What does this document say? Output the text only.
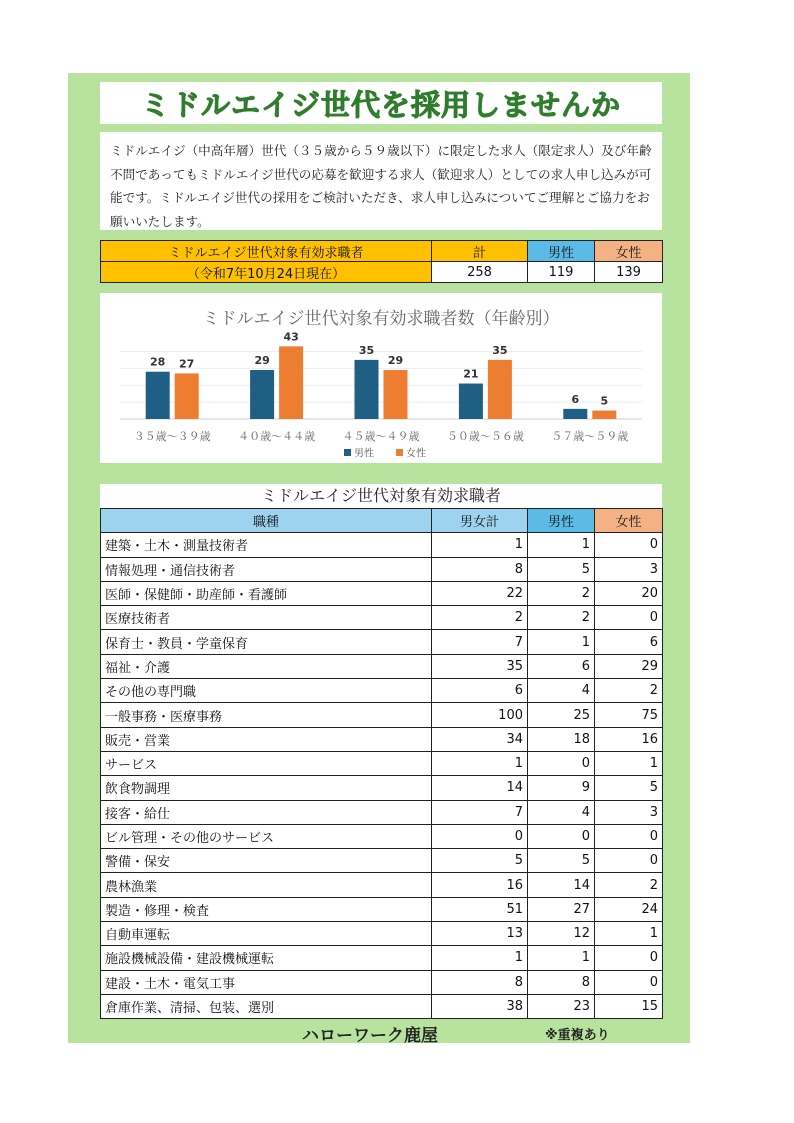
ミドルエイジ世代を採用しませんか
ミドルエイジ（中高年層）世代（３５歳から５９歳以下）に限定した求人（限定求人）及び年齢不問であってもミドルエイジ世代の応募を歓迎する求人（歓迎求人）としての求人申し込みが可能です。ミドルエイジ世代の採用をご検討いただき、求人申し込みについてご理解とご協力をお願いいたします。
ミドルエイジ世代対象有効求職者	計	男性	女性
（令和7年10月24日現在）	258	119	139
ミドルエイジ世代対象有効求職者数（年齢別）
28 27	29
43
35
29
21
35
6 5
３５歳～３９歳 ４０歳～４４歳 ４５歳～４９歳 ５０歳～５６歳 ５７歳～５９歳
男性	女性
ミドルエイジ世代対象有効求職者
職種	男女計	男性	女性
建築・土木・測量技術者	1	1	0
情報処理・通信技術者	8	5	3
医師・保健師・助産師・看護師	22	2	20
医療技術者	2	2	0
保育士・教員・学童保育	7	1	6
福祉・介護	35	6	29
その他の専門職	6	4	2
一般事務・医療事務	100	25	75
販売・営業	34	18	16
サービス	1	0	1
飲食物調理	14	9	5
接客・給仕	7	4	3
ビル管理・その他のサービス	0	0	0
警備・保安	5	5	0
農林漁業	16	14	2
製造・修理・検査	51	27	24
自動車運転	13	12	1
施設機械設備・建設機械運転	1	1	0
建設・土木・電気工事	8	8	0
倉庫作業、清掃、包装、選別	38	23	15
ハローワーク鹿屋	※重複あり
